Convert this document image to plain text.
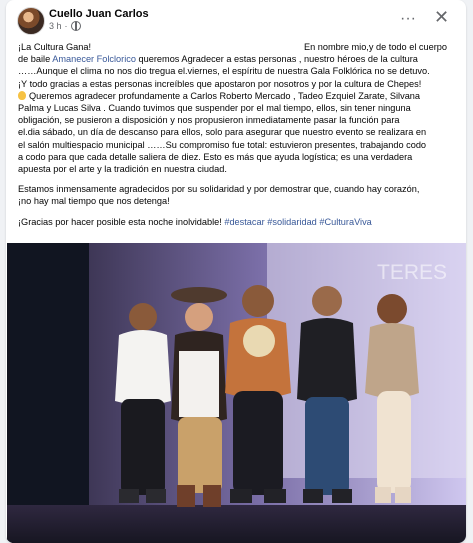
Cuello Juan Carlos
3 h ·	··· ✕
¡La Cultura Gana!	En nombre mio,y de todo el cuerpo
de baile Amanecer Folclorico queremos Agradecer a estas personas , nuestro héroes de la cultura
……Aunque el clima no nos dio tregua el.viernes, el espíritu de nuestra Gala Folklórica no se detuvo.
¡Y todo gracias a estas personas increíbles que apostaron por nosotros y por la cultura de Chepes!
Queremos agradecer profundamente a Carlos Roberto Mercado , Tadeo Ezquiel Zarate, Silvana
Palma y Lucas Silva . Cuando tuvimos que suspender por el mal tiempo, ellos, sin tener ninguna
obligación, se pusieron a disposición y nos propusieron inmediatamente pasar la función para
el.dia sábado, un día de descanso para ellos, solo para asegurar que nuestro evento se realizara en
el salón multiespacio municipal ……Su compromiso fue total: estuvieron presentes, trabajando codo
a codo para que cada detalle saliera de diez. Esto es más que ayuda logística; es una verdadera

apuesta por el arte y la tradición en nuestra ciudad.

Estamos inmensamente agradecidos por su solidaridad y por demostrar que, cuando hay corazón,

¡no hay mal tiempo que nos detenga!

¡Gracias por hacer posible esta noche inolvidable! #destacar #solidaridad #CulturaViva
TERES
